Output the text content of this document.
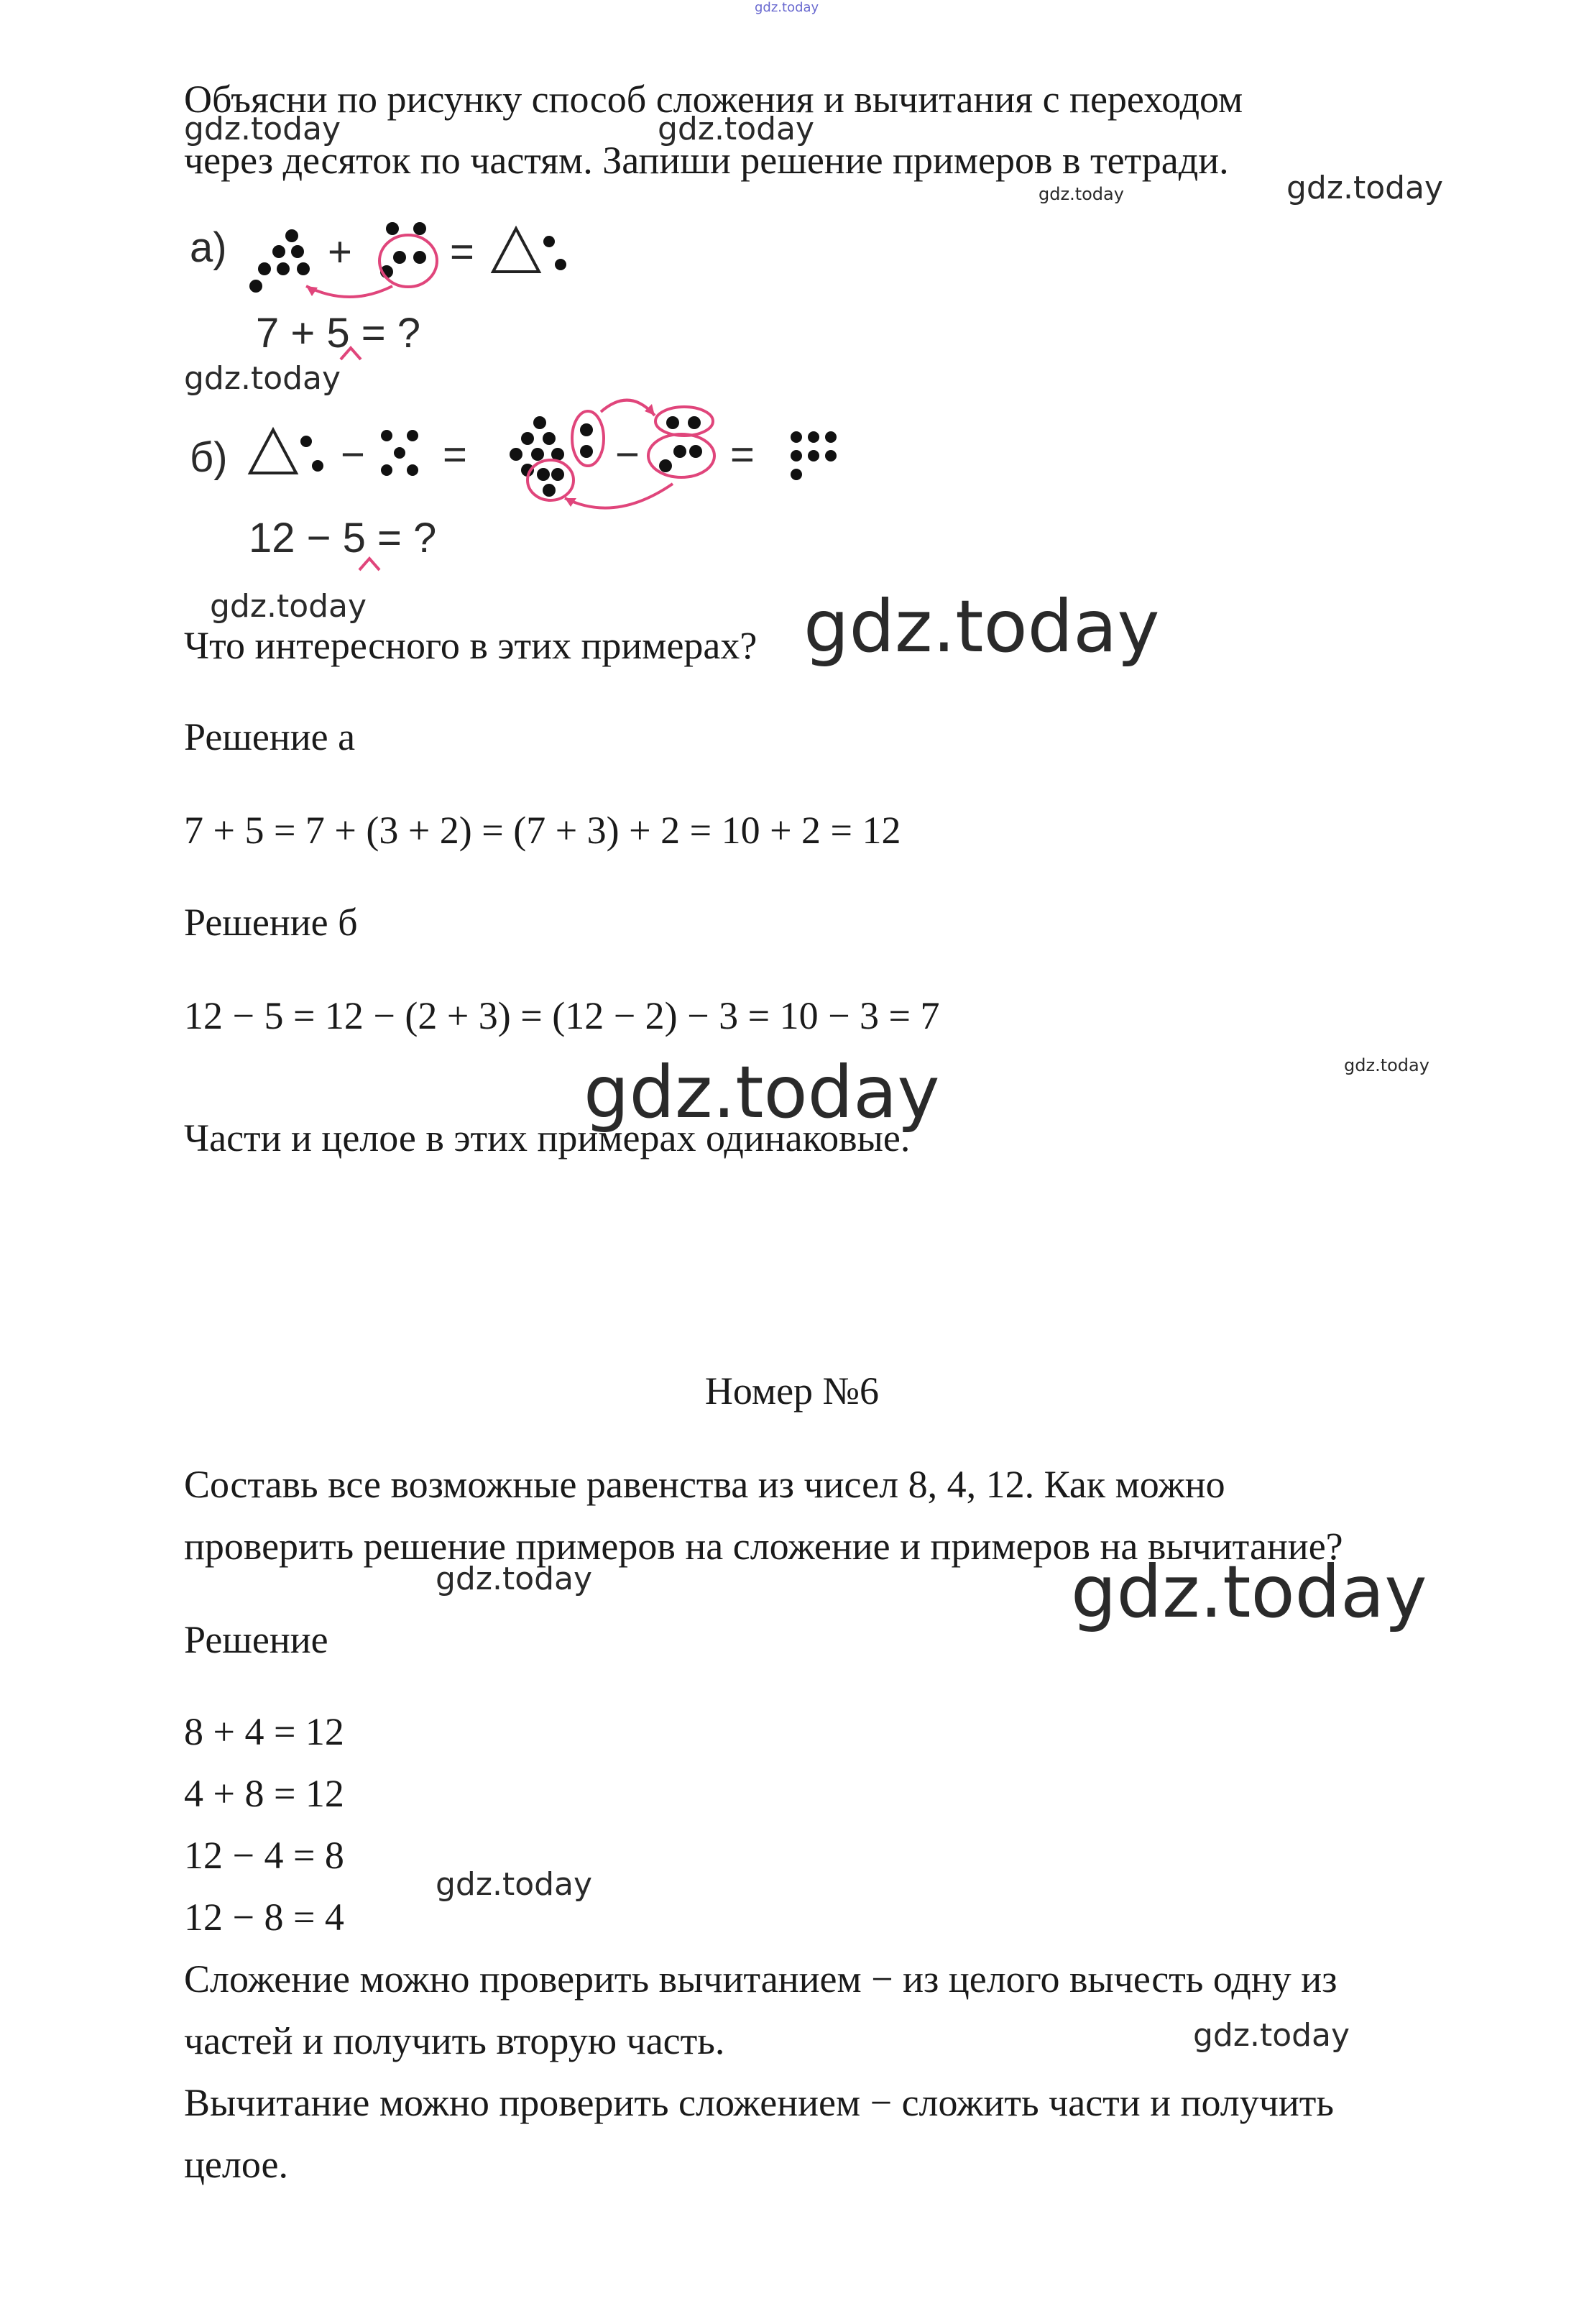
gdz.today
Объясни по рисунку способ сложения и вычитания с переходом
через десяток по частям. Запиши решение примеров в тетради.
gdz.today	gdz.today
gdz.today	gdz.today
а) + =
7 + 5 = ?
б)	− =	− =
12 − 5 = ?
gdz.today
gdz.today
Что интересного в этих примерах? gdz.today
Решение а
7 + 5 = 7 + (3 + 2) = (7 + 3) + 2 = 10 + 2 = 12
Решение б
12 − 5 = 12 − (2 + 3) = (12 − 2) − 3 = 10 − 3 = 7
gdz.today
gdz.today
Части и целое в этих примерах одинаковые.
Номер №6
Составь все возможные равенства из чисел 8, 4, 12. Как можно
проверить решение примеров на сложение и примеров на вычитание?
gdz.today	gdz.today
Решение
8 + 4 = 12
4 + 8 = 12
12 − 4 = 8
12 − 8 = 4
gdz.today
Сложение можно проверить вычитанием − из целого вычесть одну из
частей и получить вторую часть.	gdz.today
Вычитание можно проверить сложением − сложить части и получить
целое.
